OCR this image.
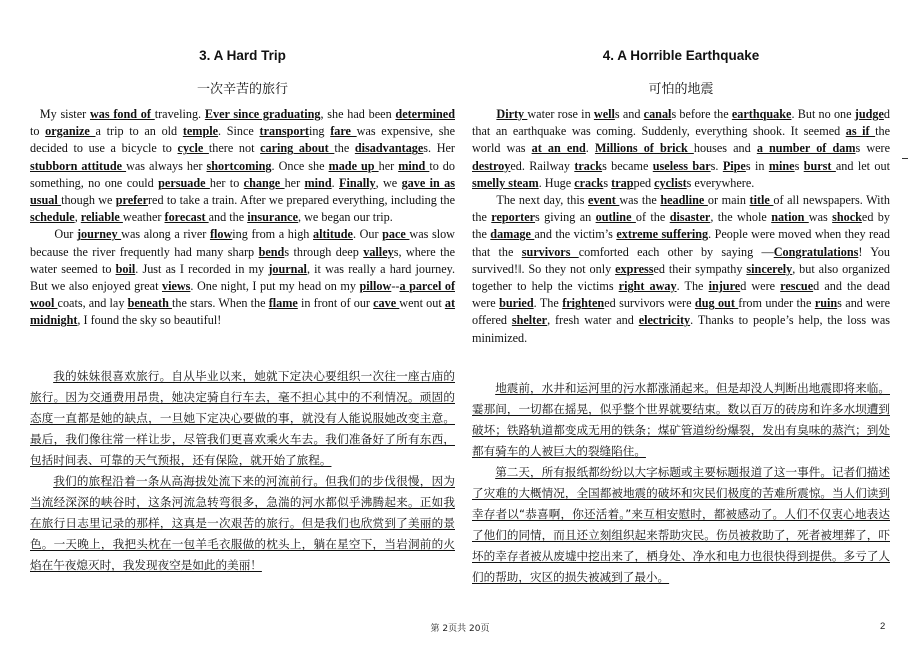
3. A Hard Trip
一次辛苦的旅行

My sister was fond of traveling. Ever since graduating, she had been determined to organize a trip to an old temple. Since transporting fare was expensive, she decided to use a bicycle to cycle there not caring about the disadvantages. Her stubborn attitude was always her shortcoming. Once she made up her mind to do something, no one could persuade her to change her mind. Finally, we gave in as usual though we preferred to take a train. After we prepared everything, including the schedule, reliable weather forecast and the insurance, we began our trip.

Our journey was along a river flowing from a high altitude. Our pace was slow because the river frequently had many sharp bends through deep valleys, where the water seemed to boil. Just as I recorded in my journal, it was really a hard journey. But we also enjoyed great views. One night, I put my head on my pillow--a parcel of wool coats, and lay beneath the stars. When the flame in front of our cave went out at midnight, I found the sky so beautiful!

我的妹妹很喜欢旅行。自从毕业以来，她就下定决心要组织一次往一座古庙的旅行。因为交通费用昂贵，她决定骑自行车去，毫不担心其中的不利情况。顽固的态度一直都是她的缺点，一旦她下定决心要做的事，就没有人能说服她改变主意。最后，我们像往常一样让步，尽管我们更喜欢乘火车去。我们准备好了所有东西，包括时间表、可靠的天气预报，还有保险，就开始了旅程。

我们的旅程沿着一条从高海拔处流下来的河流前行。但我们的步伐很慢，因为当流经深深的峡谷时，这条河流急转弯很多，急湍的河水都似乎沸腾起来。正如我在旅行日志里记录的那样，这真是一次艰苦的旅行。但是我们也欣赏到了美丽的景色。一天晚上，我把头枕在一包羊毛衣服做的枕头上，躺在星空下，当岩洞前的火焰在午夜熄灭时，我发现夜空是如此的美丽！

4. A Horrible Earthquake
可怕的地震

Dirty water rose in wells and canals before the earthquake. But no one judged that an earthquake was coming. Suddenly, everything shook. It seemed as if the world was at an end. Millions of brick houses and a number of dams were destroyed. Railway tracks became useless bars. Pipes in mines burst and let out smelly steam. Huge cracks trapped cyclists everywhere.

The next day, this event was the headline or main title of all newspapers. With the reporters giving an outline of the disaster, the whole nation was shocked by the damage and the victim’s extreme suffering. People were moved when they read that the survivors comforted each other by saying —Congratulations! You survived!‖. So they not only expressed their sympathy sincerely, but also organized together to help the victims right away. The injured were rescued and the dead were buried. The frightened survivors were dug out from under the ruins and were offered shelter, fresh water and electricity. Thanks to people’s help, the loss was minimized.

地震前，水井和运河里的污水都涨涌起来。但是却没人判断出地震即将来临。霎那间，一切都在摇晃，似乎整个世界就要结束。数以百万的砖房和许多水坝遭到破坏；铁路轨道都变成无用的铁条；煤矿管道纷纷爆裂，发出有臭味的蒸汽；到处都有骑车的人被巨大的裂缝陷住。

第二天，所有报纸都纷纷以大字标题或主要标题报道了这一事件。记者们描述了灾难的大概情况，全国都被地震的破坏和灾民们极度的苦难所震惊。当人们读到幸存者以“恭喜啊，你还活着。”来互相安慰时，都被感动了。人们不仅衷心地表达了他们的同情，而且还立刻组织起来帮助灾民。伤员被救助了，死者被埋葬了，吓坏的幸存者被从废墟中挖出来了，栖身处、净水和电力也很快得到提供。多亏了人们的帮助，灾区的损失被减到了最小。

第 2页共 20页	2
